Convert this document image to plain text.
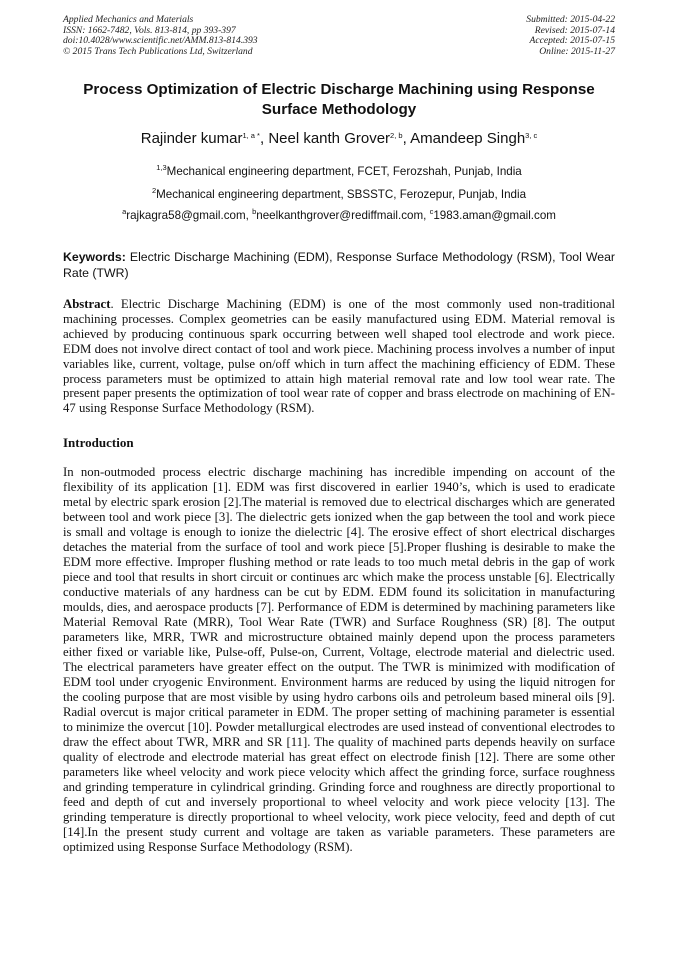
Applied Mechanics and Materials
ISSN: 1662-7482, Vols. 813-814, pp 393-397
doi:10.4028/www.scientific.net/AMM.813-814.393
© 2015 Trans Tech Publications Ltd, Switzerland
Submitted: 2015-04-22
Revised: 2015-07-14
Accepted: 2015-07-15
Online: 2015-11-27
Process Optimization of Electric Discharge Machining using Response Surface Methodology
Rajinder kumar$^{1, a *}$, Neel kanth Grover$^{2, b}$, Amandeep Singh$^{3, c}$
$^{1,3}$Mechanical engineering department, FCET, Ferozshah, Punjab, India
$^2$Mechanical engineering department, SBSSTC, Ferozepur, Punjab, India
$^a$rajkagra58@gmail.com, $^b$neelkanthgrover@rediffmail.com, $^c$1983.aman@gmail.com
Keywords: Electric Discharge Machining (EDM), Response Surface Methodology (RSM), Tool Wear Rate (TWR)
Abstract. Electric Discharge Machining (EDM) is one of the most commonly used non-traditional machining processes. Complex geometries can be easily manufactured using EDM. Material removal is achieved by producing continuous spark occurring between well shaped tool electrode and work piece. EDM does not involve direct contact of tool and work piece. Machining process involves a number of input variables like, current, voltage, pulse on/off which in turn affect the machining efficiency of EDM. These process parameters must be optimized to attain high material removal rate and low tool wear rate. The present paper presents the optimization of tool wear rate of copper and brass electrode on machining of EN-47 using Response Surface Methodology (RSM).
Introduction
In non-outmoded process electric discharge machining has incredible impending on account of the flexibility of its application [1]. EDM was first discovered in earlier 1940’s, which is used to eradicate metal by electric spark erosion [2].The material is removed due to electrical discharges which are generated between tool and work piece [3]. The dielectric gets ionized when the gap between the tool and work piece is small and voltage is enough to ionize the dielectric [4]. The erosive effect of short electrical discharges detaches the material from the surface of tool and work piece [5].Proper flushing is desirable to make the EDM more effective. Improper flushing method or rate leads to too much metal debris in the gap of work piece and tool that results in short circuit or continues arc which make the process unstable [6]. Electrically conductive materials of any hardness can be cut by EDM. EDM found its solicitation in manufacturing moulds, dies, and aerospace products [7]. Performance of EDM is determined by machining parameters like Material Removal Rate (MRR), Tool Wear Rate (TWR) and Surface Roughness (SR) [8]. The output parameters like, MRR, TWR and microstructure obtained mainly depend upon the process parameters either fixed or variable like, Pulse-off, Pulse-on, Current, Voltage, electrode material and dielectric used. The electrical parameters have greater effect on the output. The TWR is minimized with modification of EDM tool under cryogenic Environment. Environment harms are reduced by using the liquid nitrogen for the cooling purpose that are most visible by using hydro carbons oils and petroleum based mineral oils [9]. Radial overcut is major critical parameter in EDM. The proper setting of machining parameter is essential to minimize the overcut [10]. Powder metallurgical electrodes are used instead of conventional electrodes to draw the effect about TWR, MRR and SR [11]. The quality of machined parts depends heavily on surface quality of electrode and electrode material has great effect on electrode finish [12]. There are some other parameters like wheel velocity and work piece velocity which affect the grinding force, surface roughness and grinding temperature in cylindrical grinding. Grinding force and roughness are directly proportional to feed and depth of cut and inversely proportional to wheel velocity and work piece velocity [13]. The grinding temperature is directly proportional to wheel velocity, work piece velocity, feed and depth of cut [14].In the present study current and voltage are taken as variable parameters. These parameters are optimized using Response Surface Methodology (RSM).
